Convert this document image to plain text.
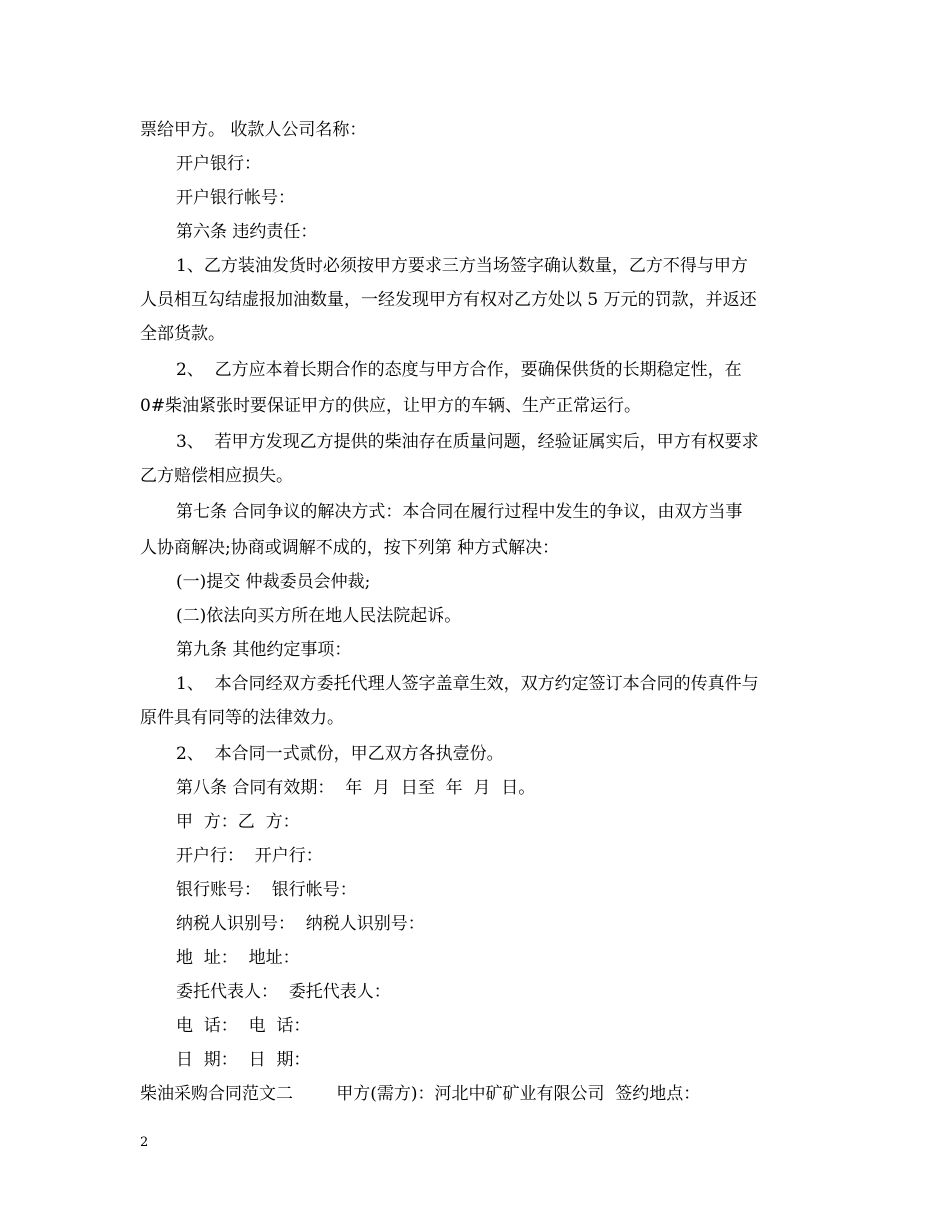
票给甲方。 收款人公司名称：
开户银行：
开户银行帐号：
第六条 违约责任：
1、乙方装油发货时必须按甲方要求三方当场签字确认数量，乙方不得与甲方
人员相互勾结虚报加油数量，一经发现甲方有权对乙方处以 5 万元的罚款，并返还
全部货款。
2、  乙方应本着长期合作的态度与甲方合作，要确保供货的长期稳定性，在
0#柴油紧张时要保证甲方的供应，让甲方的车辆、生产正常运行。
3、  若甲方发现乙方提供的柴油存在质量问题，经验证属实后，甲方有权要求
乙方赔偿相应损失。
第七条 合同争议的解决方式：本合同在履行过程中发生的争议，由双方当事
人协商解决;协商或调解不成的，按下列第 种方式解决：
(一)提交 仲裁委员会仲裁;
(二)依法向买方所在地人民法院起诉。
第九条 其他约定事项：
1、  本合同经双方委托代理人签字盖章生效，双方约定签订本合同的传真件与
原件具有同等的法律效力。
2、  本合同一式贰份，甲乙双方各执壹份。
第八条 合同有效期：  年  月  日至  年  月  日。
甲  方：乙  方：
开户行：  开户行：
银行账号：  银行帐号：
纳税人识别号：  纳税人识别号：
地  址：  地址：
委托代表人：  委托代表人：
电  话：  电  话：
日  期：  日  期：
柴油采购合同范文二        甲方(需方)：河北中矿矿业有限公司  签约地点：
2
